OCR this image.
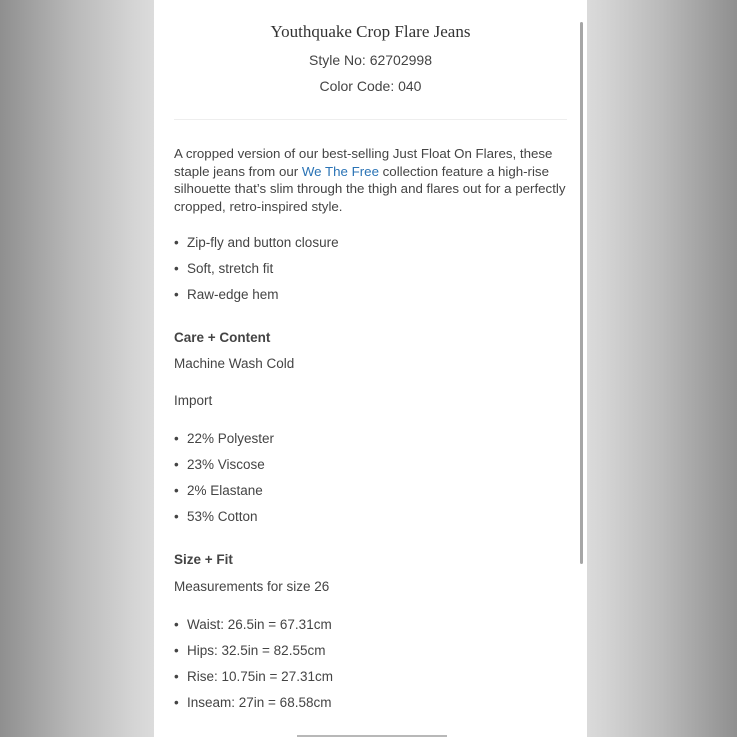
Youthquake Crop Flare Jeans
Style No: 62702998
Color Code: 040
A cropped version of our best-selling Just Float On Flares, these staple jeans from our We The Free collection feature a high-rise silhouette that’s slim through the thigh and flares out for a perfectly cropped, retro-inspired style.
• Zip-fly and button closure
• Soft, stretch fit
• Raw-edge hem
Care + Content
Machine Wash Cold
Import
• 22% Polyester
• 23% Viscose
• 2% Elastane
• 53% Cotton
Size + Fit
Measurements for size 26
• Waist: 26.5in = 67.31cm
• Hips: 32.5in = 82.55cm
• Rise: 10.75in = 27.31cm
• Inseam: 27in = 68.58cm
